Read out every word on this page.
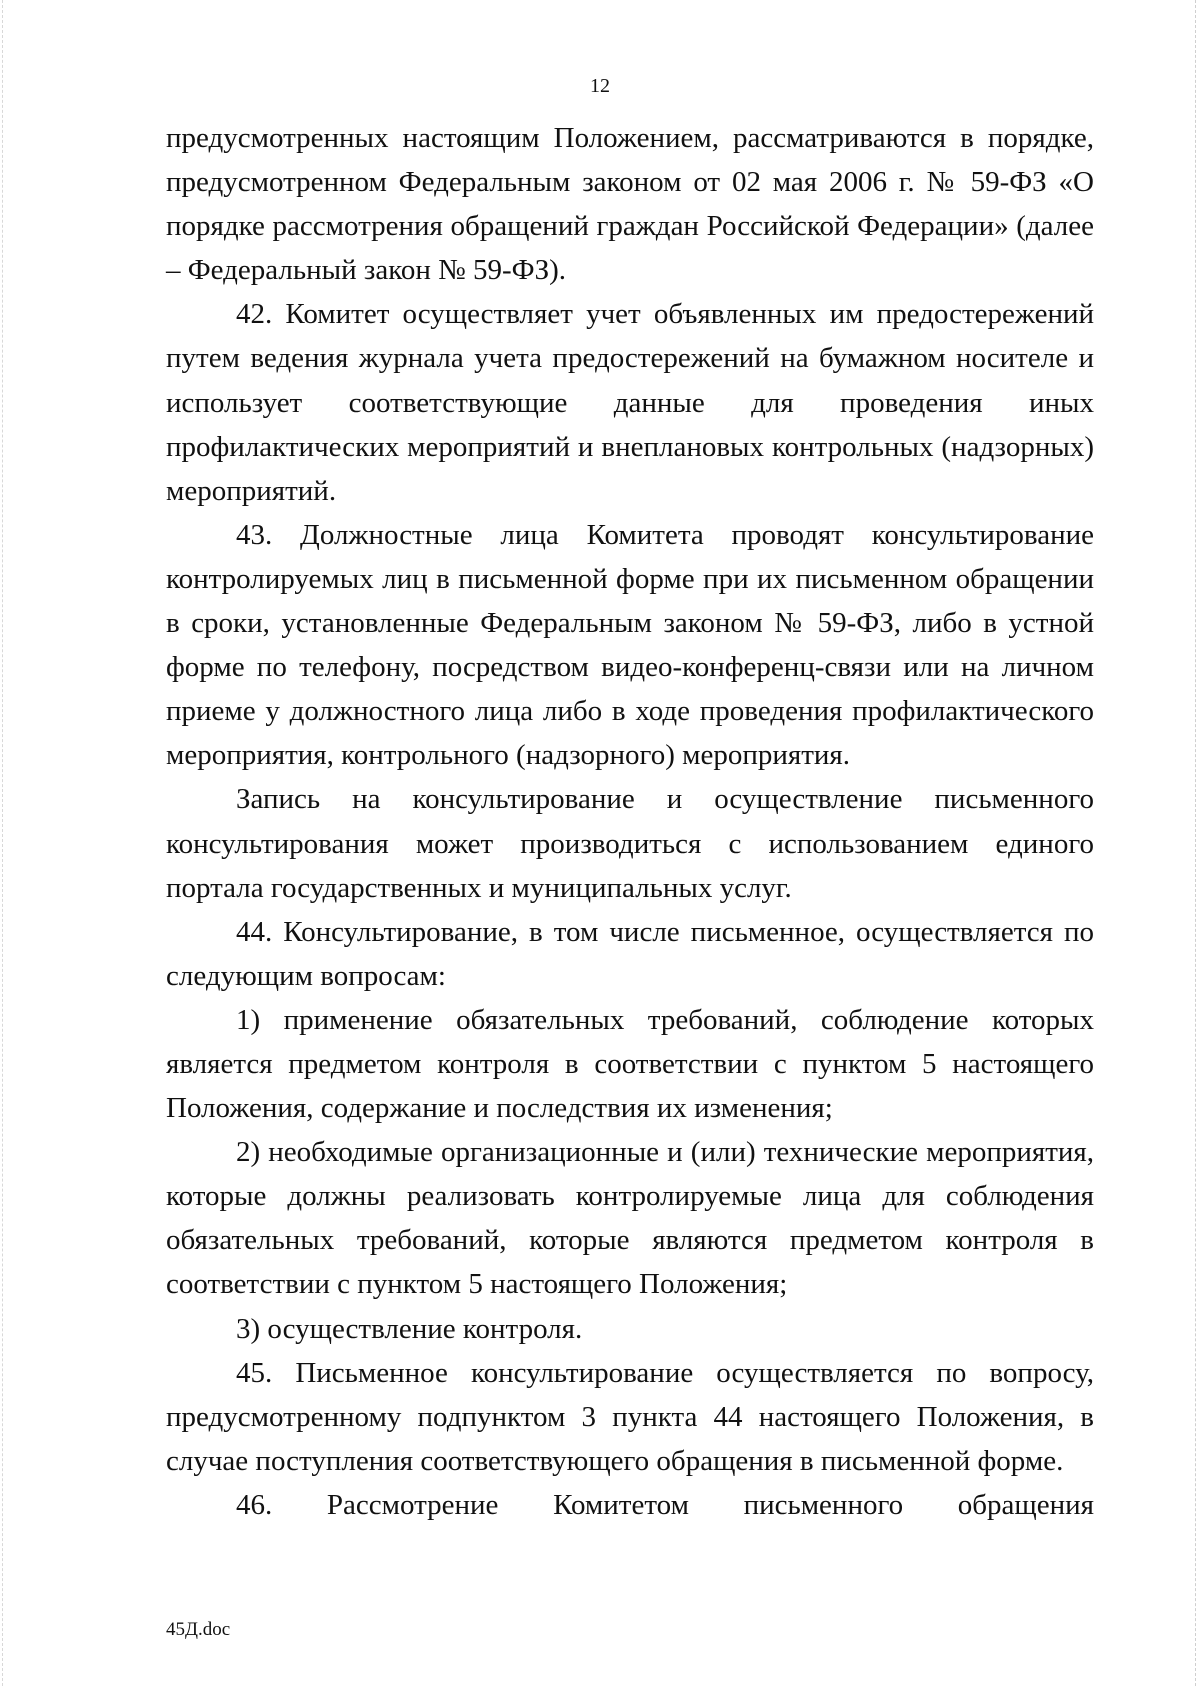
12

предусмотренных настоящим Положением, рассматриваются в порядке, предусмотренном Федеральным законом от 02 мая 2006 г. № 59-ФЗ «О порядке рассмотрения обращений граждан Российской Федерации» (далее – Федеральный закон № 59-ФЗ).

42. Комитет осуществляет учет объявленных им предостережений путем ведения журнала учета предостережений на бумажном носителе и использует соответствующие данные для проведения иных профилактических мероприятий и внеплановых контрольных (надзорных) мероприятий.

43. Должностные лица Комитета проводят консультирование контролируемых лиц в письменной форме при их письменном обращении в сроки, установленные Федеральным законом № 59-ФЗ, либо в устной форме по телефону, посредством видео-конференц-связи или на личном приеме у должностного лица либо в ходе проведения профилактического мероприятия, контрольного (надзорного) мероприятия.

Запись на консультирование и осуществление письменного консультирования может производиться с использованием единого портала государственных и муниципальных услуг.

44. Консультирование, в том числе письменное, осуществляется по следующим вопросам:

1) применение обязательных требований, соблюдение которых является предметом контроля в соответствии с пунктом 5 настоящего Положения, содержание и последствия их изменения;

2) необходимые организационные и (или) технические мероприятия, которые должны реализовать контролируемые лица для соблюдения обязательных требований, которые являются предметом контроля в соответствии с пунктом 5 настоящего Положения;

3) осуществление контроля.

45. Письменное консультирование осуществляется по вопросу, предусмотренному подпунктом 3 пункта 44 настоящего Положения, в случае поступления соответствующего обращения в письменной форме.

46. Рассмотрение Комитетом письменного обращения

45Д.doc
